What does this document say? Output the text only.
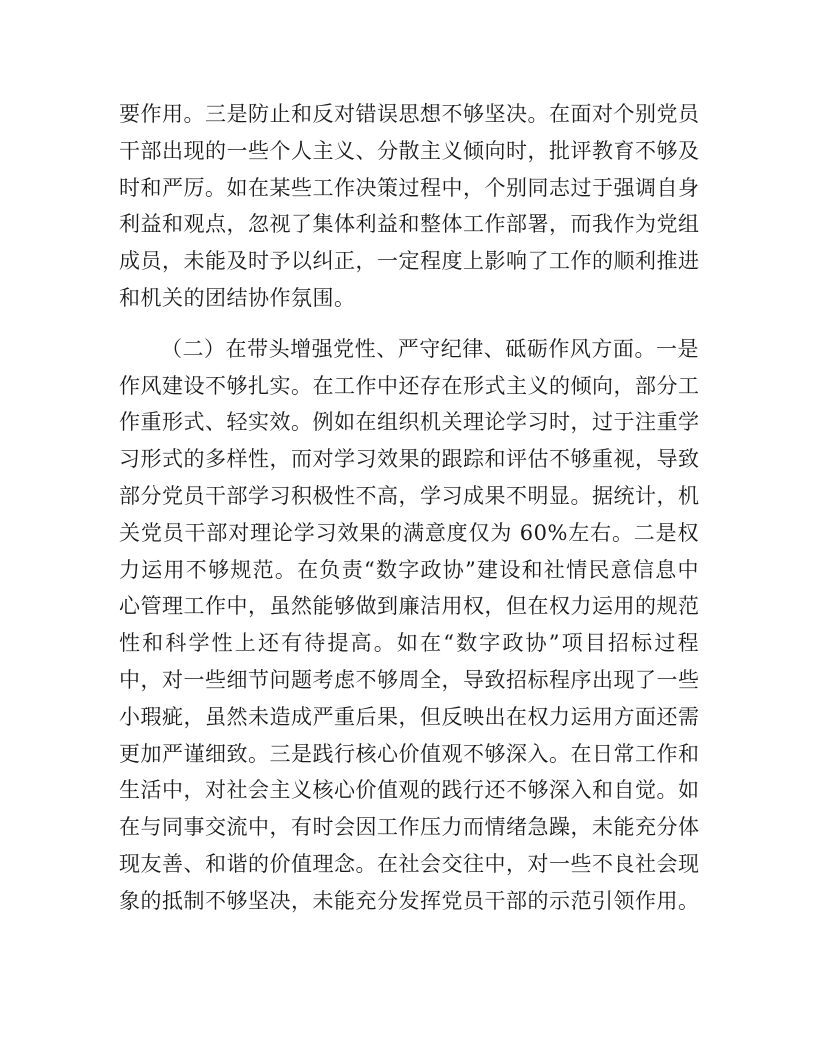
要作用。三是防止和反对错误思想不够坚决。在面对个别党员
干部出现的一些个人主义、分散主义倾向时，批评教育不够及
时和严厉。如在某些工作决策过程中，个别同志过于强调自身
利益和观点，忽视了集体利益和整体工作部署，而我作为党组
成员，未能及时予以纠正，一定程度上影响了工作的顺利推进
和机关的团结协作氛围。
（二）在带头增强党性、严守纪律、砥砺作风方面。一是
作风建设不够扎实。在工作中还存在形式主义的倾向，部分工
作重形式、轻实效。例如在组织机关理论学习时，过于注重学
习形式的多样性，而对学习效果的跟踪和评估不够重视，导致
部分党员干部学习积极性不高，学习成果不明显。据统计，机
关党员干部对理论学习效果的满意度仅为 60%左右。二是权
力运用不够规范。在负责“数字政协”建设和社情民意信息中
心管理工作中，虽然能够做到廉洁用权，但在权力运用的规范
性和科学性上还有待提高。如在“数字政协”项目招标过程
中，对一些细节问题考虑不够周全，导致招标程序出现了一些
小瑕疵，虽然未造成严重后果，但反映出在权力运用方面还需
更加严谨细致。三是践行核心价值观不够深入。在日常工作和
生活中，对社会主义核心价值观的践行还不够深入和自觉。如
在与同事交流中，有时会因工作压力而情绪急躁，未能充分体
现友善、和谐的价值理念。在社会交往中，对一些不良社会现
象的抵制不够坚决，未能充分发挥党员干部的示范引领作用。
